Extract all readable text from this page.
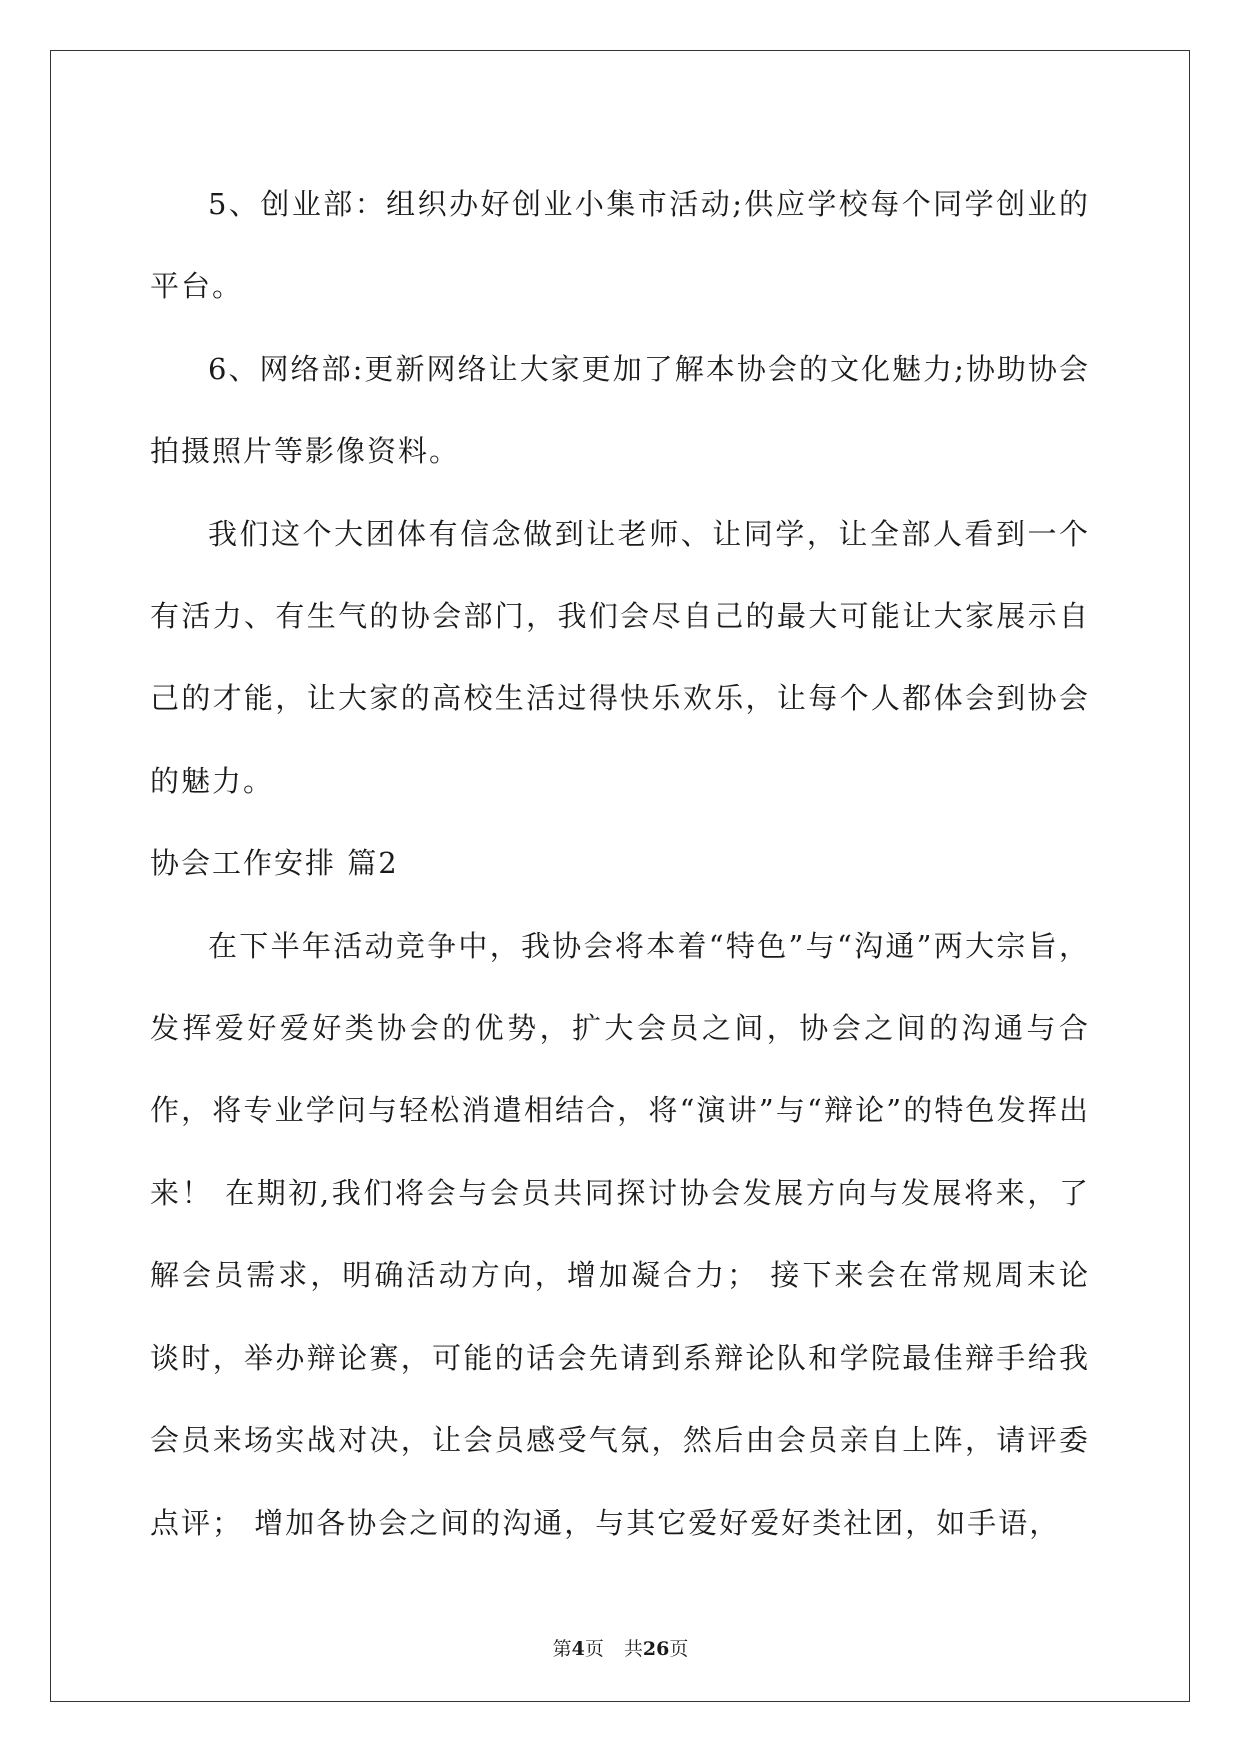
5、创业部：组织办好创业小集市活动;供应学校每个同学创业的平台。

6、网络部:更新网络让大家更加了解本协会的文化魅力;协助协会拍摄照片等影像资料。

我们这个大团体有信念做到让老师、让同学，让全部人看到一个有活力、有生气的协会部门，我们会尽自己的最大可能让大家展示自己的才能，让大家的高校生活过得快乐欢乐，让每个人都体会到协会的魅力。

协会工作安排 篇2

在下半年活动竞争中，我协会将本着“特色”与“沟通”两大宗旨，发挥爱好爱好类协会的优势，扩大会员之间，协会之间的沟通与合作，将专业学问与轻松消遣相结合，将“演讲”与“辩论”的特色发挥出来！ 在期初,我们将会与会员共同探讨协会发展方向与发展将来，了解会员需求，明确活动方向，增加凝合力； 接下来会在常规周末论谈时，举办辩论赛，可能的话会先请到系辩论队和学院最佳辩手给我会员来场实战对决，让会员感受气氛，然后由会员亲自上阵，请评委点评； 增加各协会之间的沟通，与其它爱好爱好类社团，如手语，

第4页 共26页
